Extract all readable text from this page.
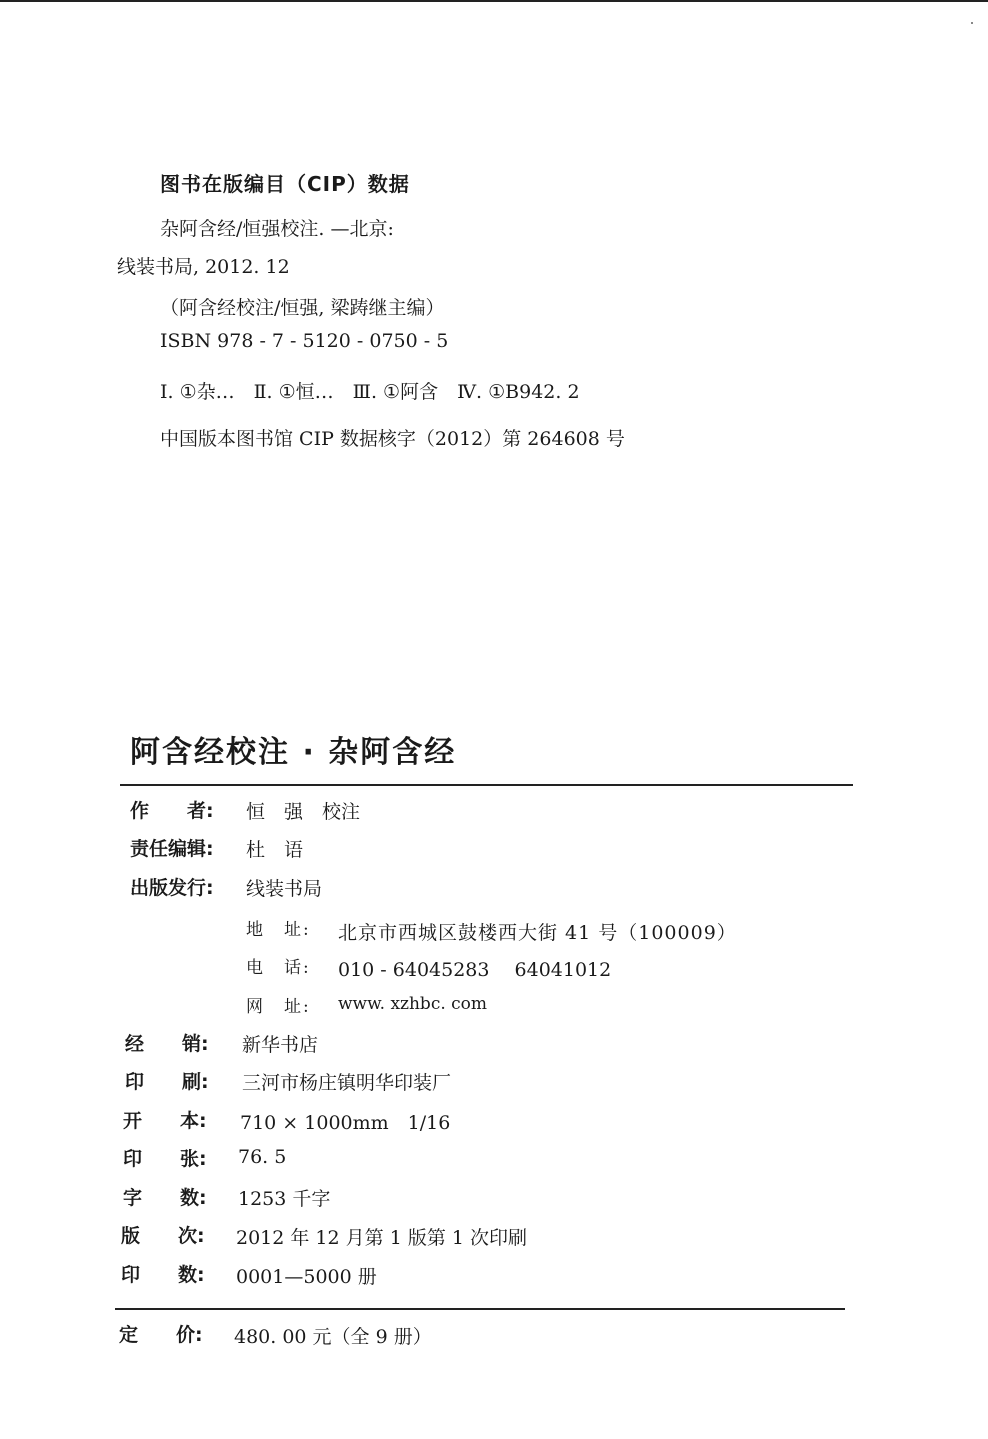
图书在版编目（CIP）数据
杂阿含经/恒强校注. —北京:
线装书局, 2012. 12
（阿含经校注/恒强, 梁踌继主编）
ISBN 978 - 7 - 5120 - 0750 - 5
Ⅰ. ①杂…　Ⅱ. ①恒…　Ⅲ. ①阿含　Ⅳ. ①B942. 2
中国版本图书馆 CIP 数据核字（2012）第 264608 号
阿含经校注 · 杂阿含经
作　　者: 恒　强　校注
责任编辑: 杜　语
出版发行: 线装书局
地　址: 北京市西城区鼓楼西大街 41 号（100009）
电　话: 010 - 64045283　 64041012
网　址: www. xzhbc. com
经　　销: 新华书店
印　　刷: 三河市杨庄镇明华印装厂
开　　本: 710 × 1000mm　1/16
印　　张: 76. 5
字　　数: 1253 千字
版　　次: 2012 年 12 月第 1 版第 1 次印刷
印　　数: 0001—5000 册
定　　价: 480. 00 元（全 9 册）
